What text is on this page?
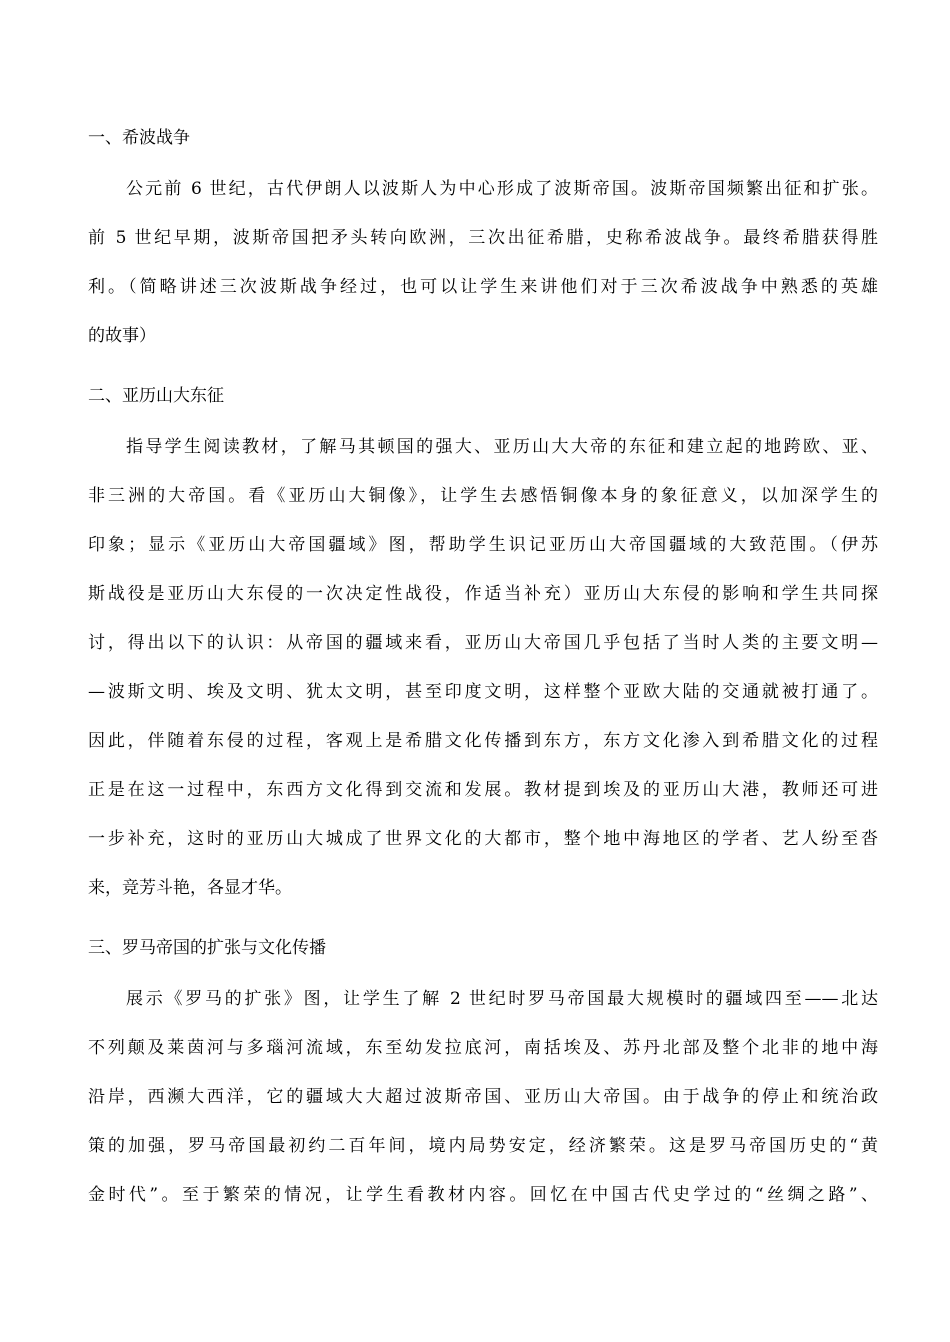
一、希波战争
公元前 6 世纪，古代伊朗人以波斯人为中心形成了波斯帝国。波斯帝国频繁出征和扩张。
前 5 世纪早期，波斯帝国把矛头转向欧洲，三次出征希腊，史称希波战争。最终希腊获得胜
利。（简略讲述三次波斯战争经过，也可以让学生来讲他们对于三次希波战争中熟悉的英雄
的故事）
二、亚历山大东征
指导学生阅读教材，了解马其顿国的强大、亚历山大大帝的东征和建立起的地跨欧、亚、
非三洲的大帝国。看《亚历山大铜像》，让学生去感悟铜像本身的象征意义，以加深学生的
印象；显示《亚历山大帝国疆域》图，帮助学生识记亚历山大帝国疆域的大致范围。（伊苏
斯战役是亚历山大东侵的一次决定性战役，作适当补充）亚历山大东侵的影响和学生共同探
讨，得出以下的认识：从帝国的疆域来看，亚历山大帝国几乎包括了当时人类的主要文明—
—波斯文明、埃及文明、犹太文明，甚至印度文明，这样整个亚欧大陆的交通就被打通了。
因此，伴随着东侵的过程，客观上是希腊文化传播到东方，东方文化渗入到希腊文化的过程
正是在这一过程中，东西方文化得到交流和发展。教材提到埃及的亚历山大港，教师还可进
一步补充，这时的亚历山大城成了世界文化的大都市，整个地中海地区的学者、艺人纷至沓
来，竞芳斗艳，各显才华。
三、罗马帝国的扩张与文化传播
展示《罗马的扩张》图，让学生了解 2 世纪时罗马帝国最大规模时的疆域四至——北达
不列颠及莱茵河与多瑙河流域，东至幼发拉底河，南括埃及、苏丹北部及整个北非的地中海
沿岸，西濒大西洋，它的疆域大大超过波斯帝国、亚历山大帝国。由于战争的停止和统治政
策的加强，罗马帝国最初约二百年间，境内局势安定，经济繁荣。这是罗马帝国历史的“黄
金时代”。至于繁荣的情况，让学生看教材内容。回忆在中国古代史学过的“丝绸之路”、
